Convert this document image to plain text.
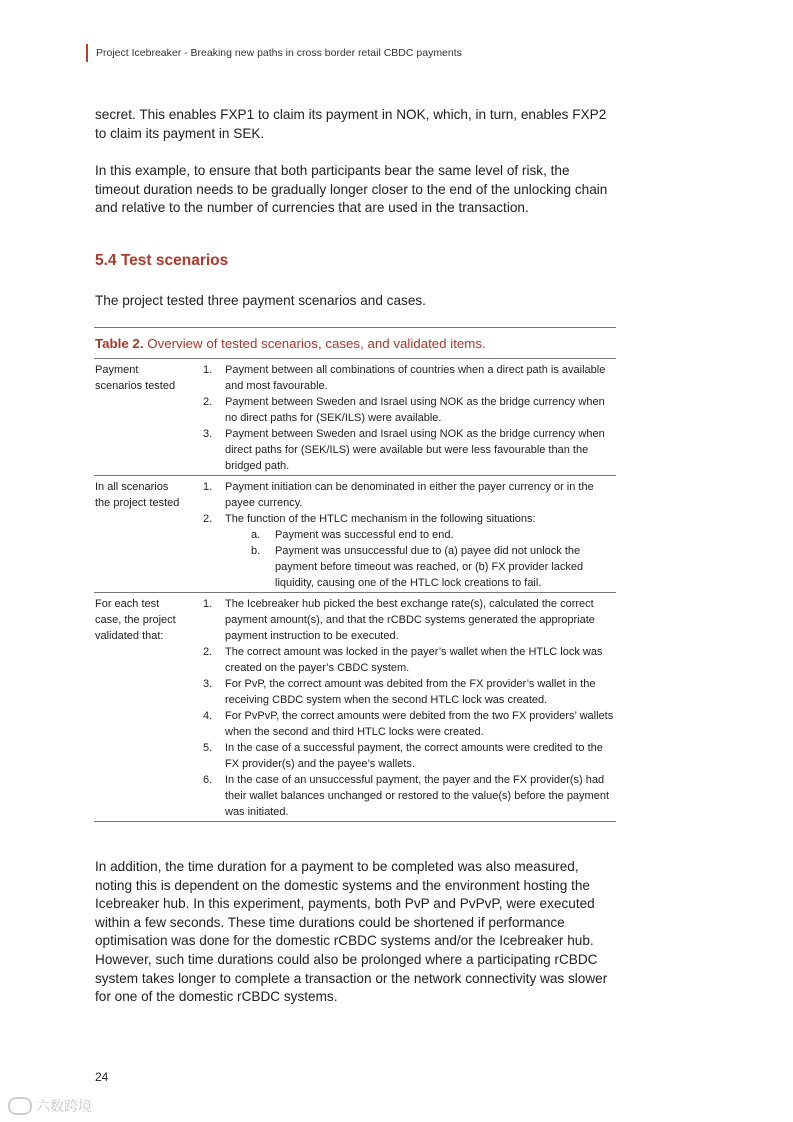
Project Icebreaker - Breaking new paths in cross border retail CBDC payments

secret. This enables FXP1 to claim its payment in NOK, which, in turn, enables FXP2 to claim its payment in SEK.

In this example, to ensure that both participants bear the same level of risk, the timeout duration needs to be gradually longer closer to the end of the unlocking chain and relative to the number of currencies that are used in the transaction.

5.4 Test scenarios

The project tested three payment scenarios and cases.

Table 2. Overview of tested scenarios, cases, and validated items.

Payment scenarios tested
1.	Payment between all combinations of countries when a direct path is available and most favourable.
2.	Payment between Sweden and Israel using NOK as the bridge currency when no direct paths for (SEK/ILS) were available.
3.	Payment between Sweden and Israel using NOK as the bridge currency when direct paths for (SEK/ILS) were available but were less favourable than the bridged path.
In all scenarios the project tested
1.	Payment initiation can be denominated in either the payer currency or in the payee currency.
2.	The function of the HTLC mechanism in the following situations:
a.	Payment was successful end to end.
b.	Payment was unsuccessful due to (a) payee did not unlock the payment before timeout was reached, or (b) FX provider lacked liquidity, causing one of the HTLC lock creations to fail.
For each test case, the project validated that:
1.	The Icebreaker hub picked the best exchange rate(s), calculated the correct payment amount(s), and that the rCBDC systems generated the appropriate payment instruction to be executed.
2.	The correct amount was locked in the payer’s wallet when the HTLC lock was created on the payer’s CBDC system.
3.	For PvP, the correct amount was debited from the FX provider’s wallet in the receiving CBDC system when the second HTLC lock was created.
4.	For PvPvP, the correct amounts were debited from the two FX providers’ wallets when the second and third HTLC locks were created.
5.	In the case of a successful payment, the correct amounts were credited to the FX provider(s) and the payee’s wallets.
6.	In the case of an unsuccessful payment, the payer and the FX provider(s) had their wallet balances unchanged or restored to the value(s) before the payment was initiated.

In addition, the time duration for a payment to be completed was also measured, noting this is dependent on the domestic systems and the environment hosting the Icebreaker hub. In this experiment, payments, both PvP and PvPvP, were executed within a few seconds. These time durations could be shortened if performance optimisation was done for the domestic rCBDC systems and/or the Icebreaker hub. However, such time durations could also be prolonged where a participating rCBDC system takes longer to complete a transaction or the network connectivity was slower for one of the domestic rCBDC systems.

24
六数跨境
